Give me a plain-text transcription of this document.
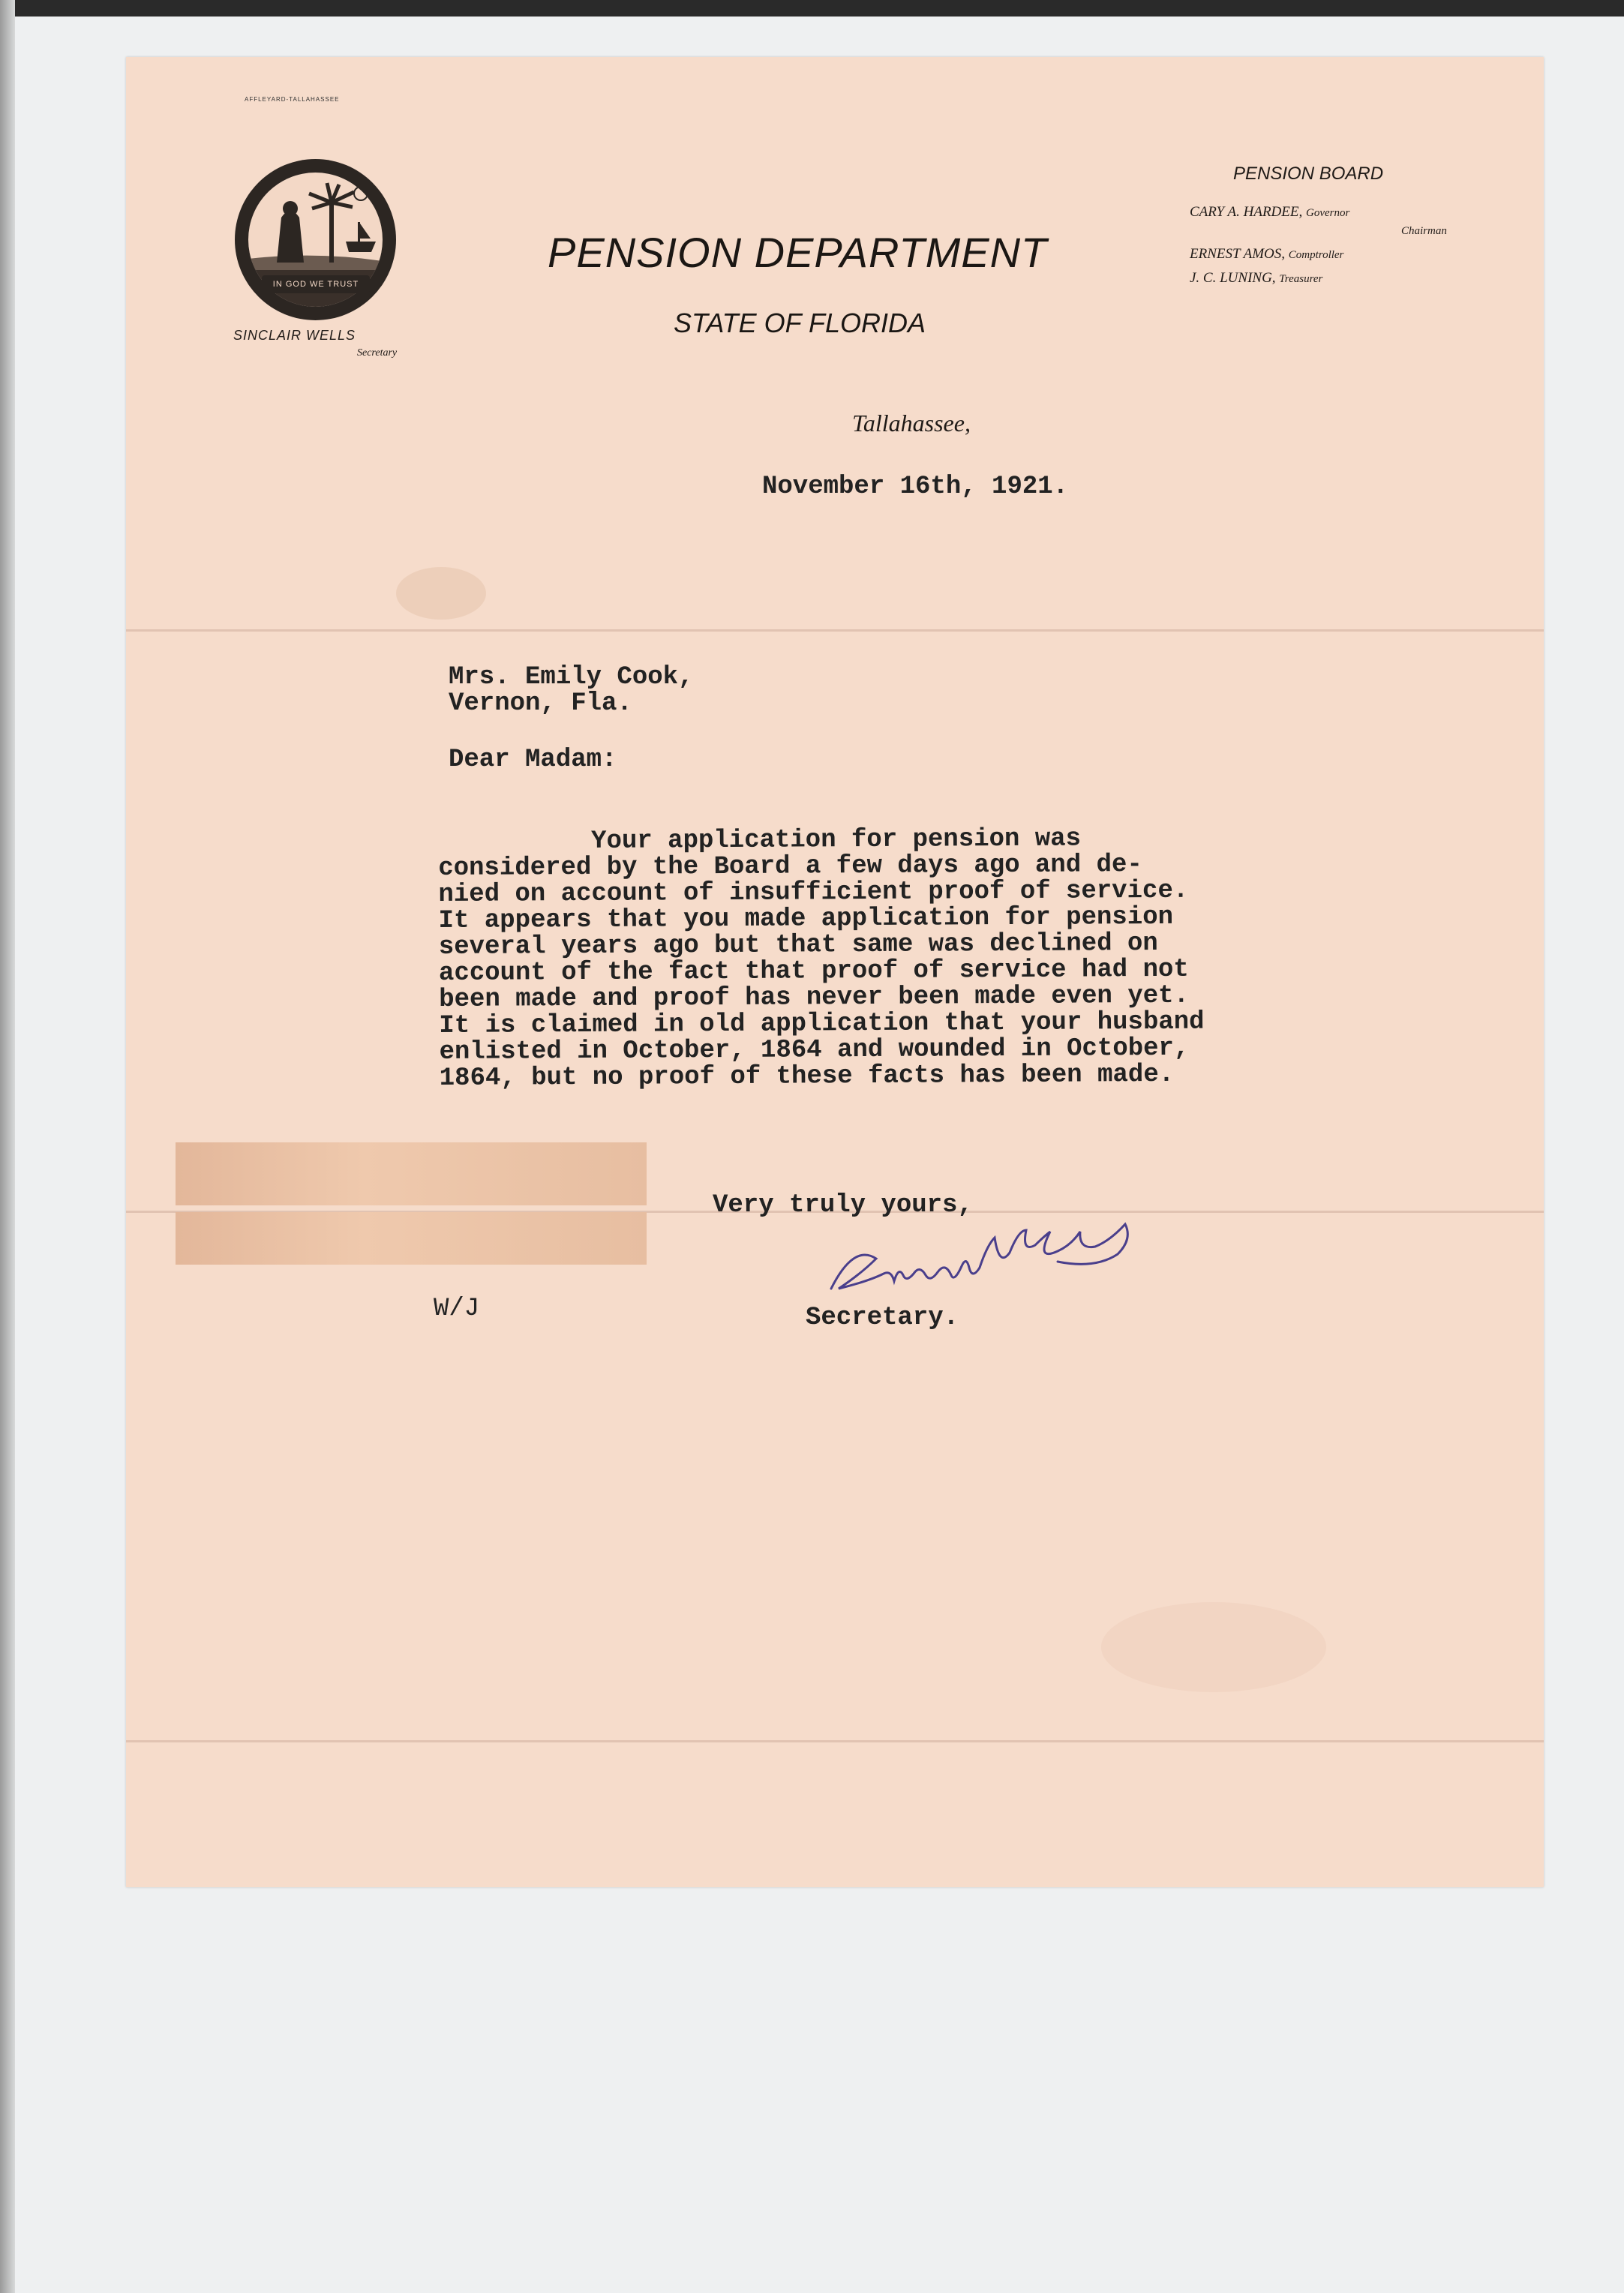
AFFLEYARD-TALLAHASSEE
IN GOD WE TRUST
SINCLAIR WELLS
Secretary
PENSION DEPARTMENT
STATE OF FLORIDA
PENSION BOARD
CARY A. HARDEE, Governor
Chairman
ERNEST AMOS, Comptroller
J. C. LUNING, Treasurer
Tallahassee,
November 16th, 1921.
Mrs. Emily Cook,
Vernon, Fla.
Dear Madam:
Your application for pension was
considered by the Board a few days ago and de-
nied on account of insufficient proof of service.
It appears that you made application for pension
several years ago but that same was declined on
account of the fact that proof of service had not
been made and proof has never been made even yet.
It is claimed in old application that your husband
enlisted in October, 1864 and wounded in October,
1864, but no proof of these facts has been made.
Very truly yours,
Secretary.
W/J
